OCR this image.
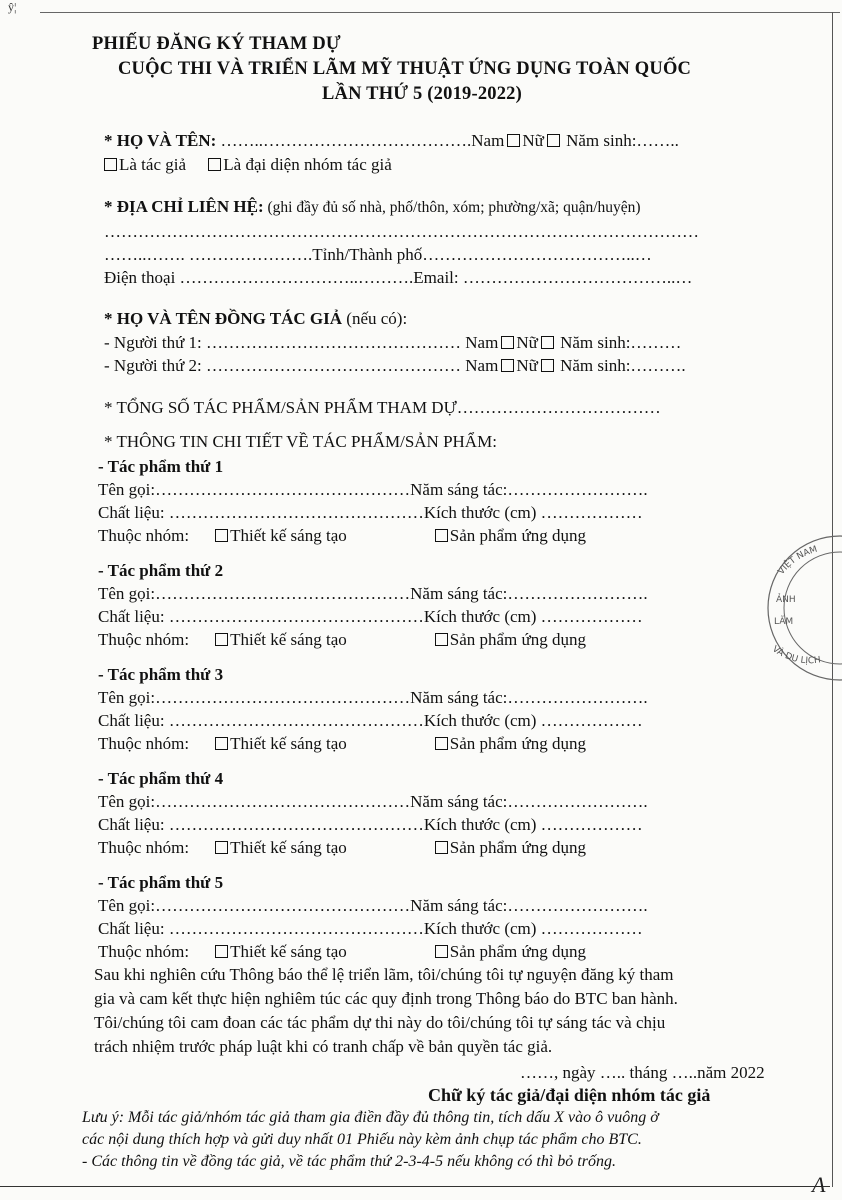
ŷ¦
PHIẾU ĐĂNG KÝ THAM DỰ
CUỘC THI VÀ TRIỂN LÃM MỸ THUẬT ỨNG DỤNG TOÀN QUỐC
LẦN THỨ 5 (2019-2022)
* HỌ VÀ TÊN: ……..……………………………….Nam Nữ Năm sinh:……..
Là tác giả Là đại diện nhóm tác giả
* ĐỊA CHỈ LIÊN HỆ: (ghi đầy đủ số nhà, phố/thôn, xóm; phường/xã; quận/huyện)
……………………………………………………………………………………………
……..……. ………………….Tỉnh/Thành phố………………………………..…
Điện thoại …………………………..……….Email: ………………………………..…
* HỌ VÀ TÊN ĐỒNG TÁC GIẢ (nếu có):
- Người thứ 1: ……………………………………… Nam Nữ Năm sinh:………
- Người thứ 2: ……………………………………… Nam Nữ Năm sinh:……….
* TỔNG SỐ TÁC PHẨM/SẢN PHẨM THAM DỰ………………………………
* THÔNG TIN CHI TIẾT VỀ TÁC PHẨM/SẢN PHẨM:
- Tác phẩm thứ 1
Tên gọi:………………………………………Năm sáng tác:…………………….
Chất liệu: ………………………………………Kích thước (cm) ………………
Thuộc nhóm: Thiết kế sáng tạo	Sản phẩm ứng dụng
- Tác phẩm thứ 2
Tên gọi:………………………………………Năm sáng tác:…………………….
Chất liệu: ………………………………………Kích thước (cm) ………………
Thuộc nhóm: Thiết kế sáng tạo	Sản phẩm ứng dụng
- Tác phẩm thứ 3
Tên gọi:………………………………………Năm sáng tác:…………………….
Chất liệu: ………………………………………Kích thước (cm) ………………
Thuộc nhóm: Thiết kế sáng tạo	Sản phẩm ứng dụng
- Tác phẩm thứ 4
Tên gọi:………………………………………Năm sáng tác:…………………….
Chất liệu: ………………………………………Kích thước (cm) ………………
Thuộc nhóm: Thiết kế sáng tạo	Sản phẩm ứng dụng
- Tác phẩm thứ 5
Tên gọi:………………………………………Năm sáng tác:…………………….
Chất liệu: ………………………………………Kích thước (cm) ………………
Thuộc nhóm: Thiết kế sáng tạo	Sản phẩm ứng dụng
Sau khi nghiên cứu Thông báo thể lệ triển lãm, tôi/chúng tôi tự nguyện đăng ký tham
gia và cam kết thực hiện nghiêm túc các quy định trong Thông báo do BTC ban hành.
Tôi/chúng tôi cam đoan các tác phẩm dự thi này do tôi/chúng tôi tự sáng tác và chịu
trách nhiệm trước pháp luật khi có tranh chấp về bản quyền tác giả.
……, ngày ….. tháng …..năm 2022
Chữ ký tác giả/đại diện nhóm tác giả
Lưu ý: Mỗi tác giả/nhóm tác giả tham gia điền đầy đủ thông tin, tích dấu X vào ô vuông ở
các nội dung thích hợp và gửi duy nhất 01 Phiếu này kèm ảnh chụp tác phẩm cho BTC.
- Các thông tin về đồng tác giả, về tác phẩm thứ 2-3-4-5 nếu không có thì bỏ trống.
VIỆT NAM
ẢNH
LÃM
VÀ DU LỊCH
A
